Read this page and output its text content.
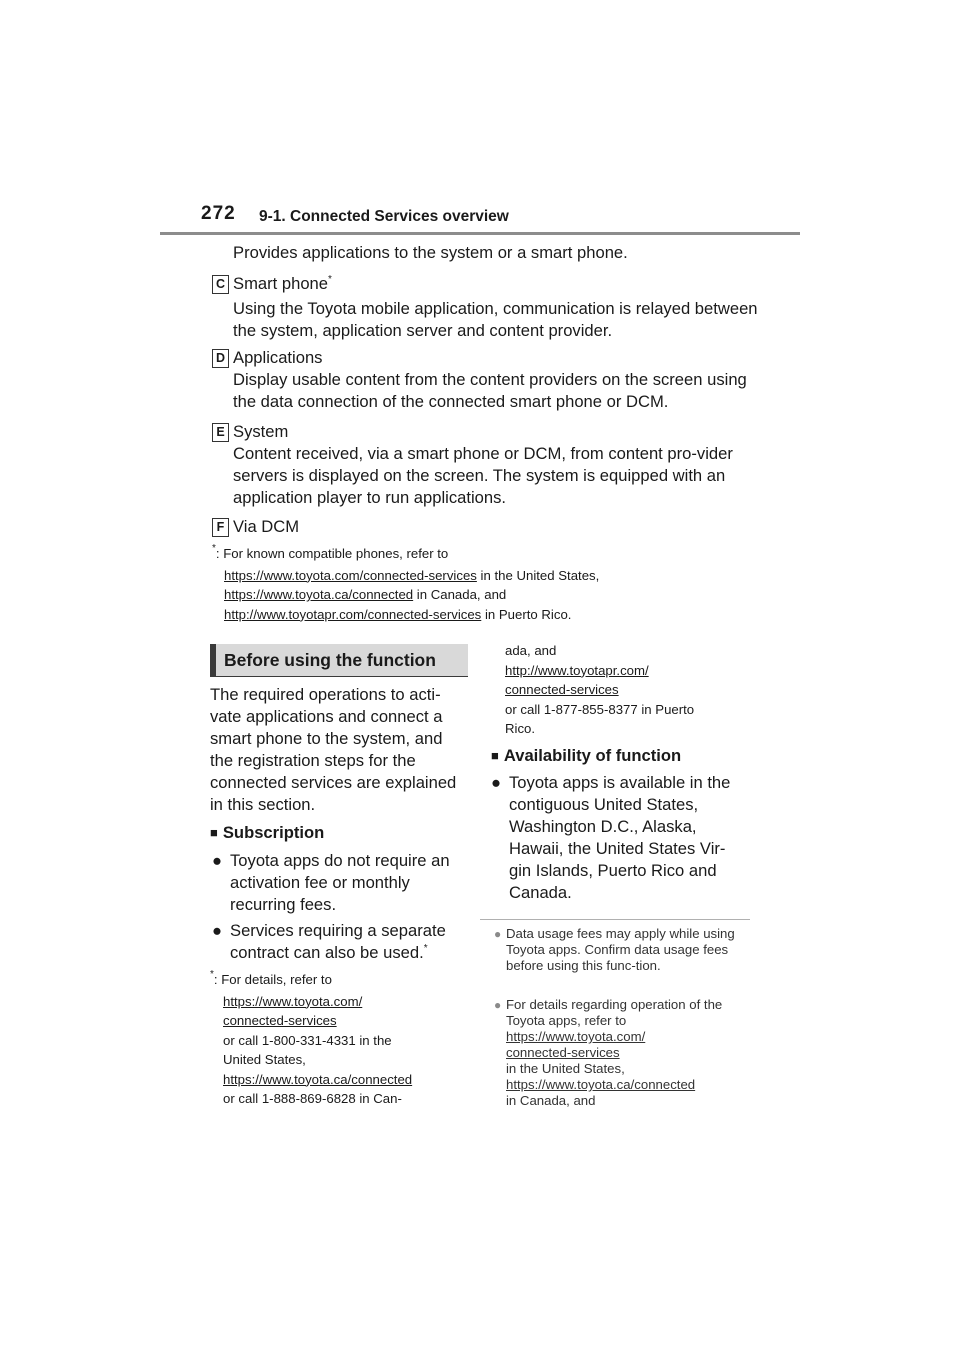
272 9-1. Connected Services overview
Provides applications to the system or a smart phone.
C Smart phone*
Using the Toyota mobile application, communication is relayed between the system, application server and content provider.
D Applications
Display usable content from the content providers on the screen using the data connection of the connected smart phone or DCM.
E System
Content received, via a smart phone or DCM, from content pro-vider servers is displayed on the screen. The system is equipped with an application player to run applications.
F Via DCM
*: For known compatible phones, refer to
https://www.toyota.com/connected-services in the United States,
https://www.toyota.ca/connected in Canada, and
http://www.toyotapr.com/connected-services in Puerto Rico.
Before using the function
The required operations to acti-vate applications and connect a smart phone to the system, and the registration steps for the connected services are explained in this section.
■ Subscription
● Toyota apps do not require an activation fee or monthly recurring fees.
● Services requiring a separate contract can also be used.*
*: For details, refer to
https://www.toyota.com/
connected-services
or call 1-800-331-4331 in the
United States,
https://www.toyota.ca/connected
or call 1-888-869-6828 in Can-
ada, and
http://www.toyotapr.com/
connected-services
or call 1-877-855-8377 in Puerto
Rico.
■ Availability of function
● Toyota apps is available in the contiguous United States, Washington D.C., Alaska, Hawaii, the United States Vir-gin Islands, Puerto Rico and Canada.
● Data usage fees may apply while using Toyota apps. Confirm data usage fees before using this func-tion.
● For details regarding operation of the Toyota apps, refer to
https://www.toyota.com/
connected-services
in the United States,
https://www.toyota.ca/connected
in Canada, and
